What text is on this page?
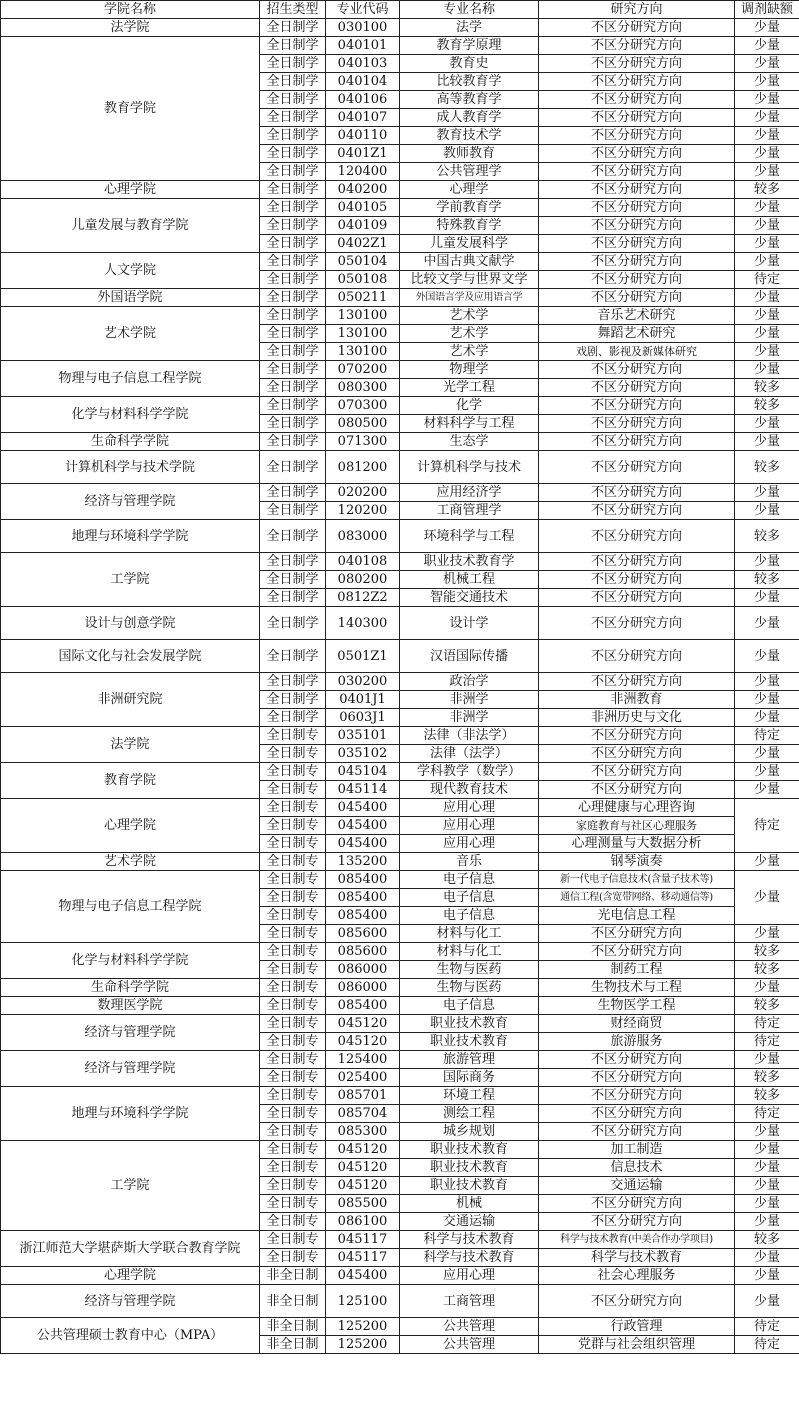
学院名称	招生类型	专业代码	专业名称	研究方向	调剂缺额
法学院	全日制学	030100	法学	不区分研究方向	少量
教育学院	全日制学	040101	教育学原理	不区分研究方向	少量
	全日制学	040103	教育史	不区分研究方向	少量
	全日制学	040104	比较教育学	不区分研究方向	少量
	全日制学	040106	高等教育学	不区分研究方向	少量
	全日制学	040107	成人教育学	不区分研究方向	少量
	全日制学	040110	教育技术学	不区分研究方向	少量
	全日制学	0401Z1	教师教育	不区分研究方向	少量
	全日制学	120400	公共管理学	不区分研究方向	少量
心理学院	全日制学	040200	心理学	不区分研究方向	较多
儿童发展与教育学院	全日制学	040105	学前教育学	不区分研究方向	少量
	全日制学	040109	特殊教育学	不区分研究方向	少量
	全日制学	0402Z1	儿童发展科学	不区分研究方向	少量
人文学院	全日制学	050104	中国古典文献学	不区分研究方向	少量
	全日制学	050108	比较文学与世界文学	不区分研究方向	待定
外国语学院	全日制学	050211	外国语言学及应用语言学	不区分研究方向	少量
艺术学院	全日制学	130100	艺术学	音乐艺术研究	少量
	全日制学	130100	艺术学	舞蹈艺术研究	少量
	全日制学	130100	艺术学	戏剧、影视及新媒体研究	少量
物理与电子信息工程学院	全日制学	070200	物理学	不区分研究方向	少量
	全日制学	080300	光学工程	不区分研究方向	较多
化学与材料科学学院	全日制学	070300	化学	不区分研究方向	较多
	全日制学	080500	材料科学与工程	不区分研究方向	少量
生命科学学院	全日制学	071300	生态学	不区分研究方向	少量
计算机科学与技术学院	全日制学	081200	计算机科学与技术	不区分研究方向	较多
经济与管理学院	全日制学	020200	应用经济学	不区分研究方向	少量
	全日制学	120200	工商管理学	不区分研究方向	少量
地理与环境科学学院	全日制学	083000	环境科学与工程	不区分研究方向	较多
工学院	全日制学	040108	职业技术教育学	不区分研究方向	少量
	全日制学	080200	机械工程	不区分研究方向	较多
	全日制学	0812Z2	智能交通技术	不区分研究方向	少量
设计与创意学院	全日制学	140300	设计学	不区分研究方向	少量
国际文化与社会发展学院	全日制学	0501Z1	汉语国际传播	不区分研究方向	少量
非洲研究院	全日制学	030200	政治学	不区分研究方向	少量
	全日制学	0401J1	非洲学	非洲教育	少量
	全日制学	0603J1	非洲学	非洲历史与文化	少量
法学院	全日制专	035101	法律（非法学）	不区分研究方向	待定
	全日制专	035102	法律（法学）	不区分研究方向	少量
教育学院	全日制专	045104	学科教学（数学）	不区分研究方向	少量
	全日制专	045114	现代教育技术	不区分研究方向	少量
心理学院	全日制专	045400	应用心理	心理健康与心理咨询	待定
	全日制专	045400	应用心理	家庭教育与社区心理服务	
	全日制专	045400	应用心理	心理测量与大数据分析	
艺术学院	全日制专	135200	音乐	钢琴演奏	少量
物理与电子信息工程学院	全日制专	085400	电子信息	新一代电子信息技术(含量子技术等)	少量
	全日制专	085400	电子信息	通信工程(含宽带网络、移动通信等)	
	全日制专	085400	电子信息	光电信息工程	
	全日制专	085600	材料与化工	不区分研究方向	少量
化学与材料科学学院	全日制专	085600	材料与化工	不区分研究方向	较多
	全日制专	086000	生物与医药	制药工程	较多
生命科学学院	全日制专	086000	生物与医药	生物技术与工程	少量
数理医学院	全日制专	085400	电子信息	生物医学工程	较多
经济与管理学院	全日制专	045120	职业技术教育	财经商贸	待定
	全日制专	045120	职业技术教育	旅游服务	待定
经济与管理学院	全日制专	125400	旅游管理	不区分研究方向	少量
	全日制专	025400	国际商务	不区分研究方向	较多
地理与环境科学学院	全日制专	085701	环境工程	不区分研究方向	较多
	全日制专	085704	测绘工程	不区分研究方向	待定
	全日制专	085300	城乡规划	不区分研究方向	少量
工学院	全日制专	045120	职业技术教育	加工制造	少量
	全日制专	045120	职业技术教育	信息技术	少量
	全日制专	045120	职业技术教育	交通运输	少量
	全日制专	085500	机械	不区分研究方向	少量
	全日制专	086100	交通运输	不区分研究方向	少量
浙江师范大学堪萨斯大学联合教育学院	全日制专	045117	科学与技术教育	科学与技术教育(中美合作办学项目)	较多
	全日制专	045117	科学与技术教育	科学与技术教育	少量
心理学院	非全日制	045400	应用心理	社会心理服务	少量
经济与管理学院	非全日制	125100	工商管理	不区分研究方向	少量
公共管理硕士教育中心（MPA）	非全日制	125200	公共管理	行政管理	待定
	非全日制	125200	公共管理	党群与社会组织管理	待定
